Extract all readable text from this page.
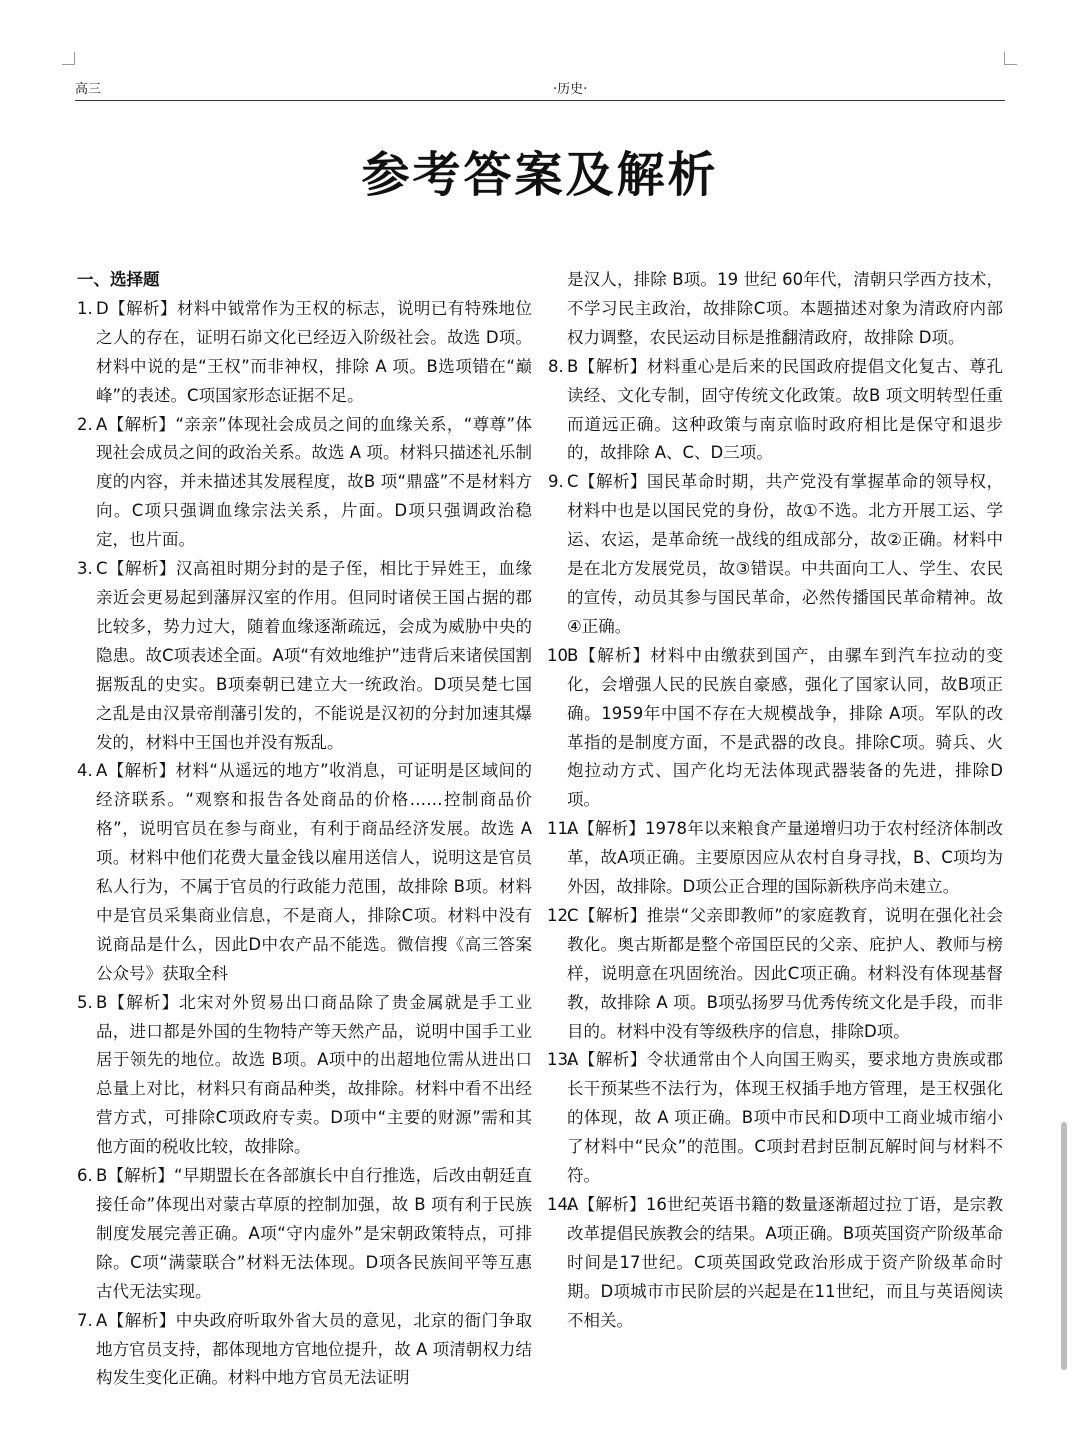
高三	·历史·
参考答案及解析
一、选择题
1. D【解析】材料中钺常作为王权的标志，说明已有特殊地位之人的存在，证明石峁文化已经迈入阶级社会。故选 D项。材料中说的是“王权”而非神权，排除 A 项。B选项错在“巅峰”的表述。C项国家形态证据不足。
2. A【解析】“亲亲”体现社会成员之间的血缘关系，“尊尊”体现社会成员之间的政治关系。故选 A 项。材料只描述礼乐制度的内容，并未描述其发展程度，故B 项“鼎盛”不是材料方向。C项只强调血缘宗法关系，片面。D项只强调政治稳定，也片面。
3. C【解析】汉高祖时期分封的是子侄，相比于异姓王，血缘亲近会更易起到藩屏汉室的作用。但同时诸侯王国占据的郡比较多，势力过大，随着血缘逐渐疏远，会成为威胁中央的隐患。故C项表述全面。A项“有效地维护”违背后来诸侯国割据叛乱的史实。B项秦朝已建立大一统政治。D项吴楚七国之乱是由汉景帝削藩引发的，不能说是汉初的分封加速其爆发的，材料中王国也并没有叛乱。
4. A【解析】材料“从遥远的地方”收消息，可证明是区域间的经济联系。“观察和报告各处商品的价格……控制商品价格”，说明官员在参与商业，有利于商品经济发展。故选 A项。材料中他们花费大量金钱以雇用送信人，说明这是官员私人行为，不属于官员的行政能力范围，故排除 B项。材料中是官员采集商业信息，不是商人，排除C项。材料中没有说商品是什么，因此D中农产品不能选。微信搜《高三答案公众号》获取全科
5. B【解析】北宋对外贸易出口商品除了贵金属就是手工业品，进口都是外国的生物特产等天然产品，说明中国手工业居于领先的地位。故选 B项。A项中的出超地位需从进出口总量上对比，材料只有商品种类，故排除。材料中看不出经营方式，可排除C项政府专卖。D项中“主要的财源”需和其他方面的税收比较，故排除。
6. B【解析】“早期盟长在各部旗长中自行推选，后改由朝廷直接任命”体现出对蒙古草原的控制加强，故 B 项有利于民族制度发展完善正确。A项“守内虚外”是宋朝政策特点，可排除。C项“满蒙联合”材料无法体现。D项各民族间平等互惠古代无法实现。
7. A【解析】中央政府听取外省大员的意见，北京的衙门争取地方官员支持，都体现地方官地位提升，故 A 项清朝权力结构发生变化正确。材料中地方官员无法证明
是汉人，排除 B项。19 世纪 60年代，清朝只学西方技术，不学习民主政治，故排除C项。本题描述对象为清政府内部权力调整，农民运动目标是推翻清政府，故排除 D项。
8. B【解析】材料重心是后来的民国政府提倡文化复古、尊孔读经、文化专制，固守传统文化政策。故B 项文明转型任重而道远正确。这种政策与南京临时政府相比是保守和退步的，故排除 A、C、D三项。
9. C【解析】国民革命时期，共产党没有掌握革命的领导权，材料中也是以国民党的身份，故①不选。北方开展工运、学运、农运，是革命统一战线的组成部分，故②正确。材料中是在北方发展党员，故③错误。中共面向工人、学生、农民的宣传，动员其参与国民革命，必然传播国民革命精神。故④正确。
10.
B【解析】材料中由缴获到国产，由骡车到汽车拉动的变化，会增强人民的民族自豪感，强化了国家认同，故B项正确。1959年中国不存在大规模战争，排除 A项。军队的改革指的是制度方面，不是武器的改良。排除C项。骑兵、火炮拉动方式、国产化均无法体现武器装备的先进，排除D项。
11.
A【解析】1978年以来粮食产量递增归功于农村经济体制改革，故A项正确。主要原因应从农村自身寻找，B、C项均为外因，故排除。D项公正合理的国际新秩序尚未建立。
12.
C【解析】推崇“父亲即教师”的家庭教育，说明在强化社会教化。奥古斯都是整个帝国臣民的父亲、庇护人、教师与榜样，说明意在巩固统治。因此C项正确。材料没有体现基督教，故排除 A 项。B项弘扬罗马优秀传统文化是手段，而非目的。材料中没有等级秩序的信息，排除D项。
13.
A【解析】令状通常由个人向国王购买，要求地方贵族或郡长干预某些不法行为，体现王权插手地方管理，是王权强化的体现，故 A 项正确。B项中市民和D项中工商业城市缩小了材料中“民众”的范围。C项封君封臣制瓦解时间与材料不符。
14.
A【解析】16世纪英语书籍的数量逐渐超过拉丁语，是宗教改革提倡民族教会的结果。A项正确。B项英国资产阶级革命时间是17世纪。C项英国政党政治形成于资产阶级革命时期。D项城市市民阶层的兴起是在11世纪，而且与英语阅读不相关。
